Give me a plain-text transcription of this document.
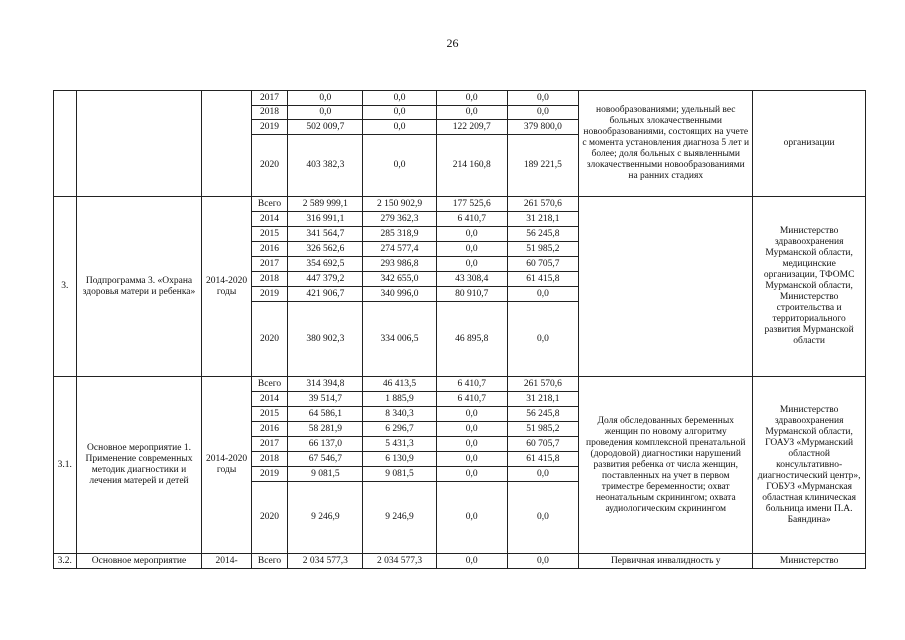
26
			2017	0,0	0,0	0,0	0,0	новообразованиями; удельный вес больных злокачественными новообразованиями, состоящих на учете с момента установления диагноза 5 лет и более; доля больных с выявленными злокачественными новообразованиями на ранних стадиях	организации
			2018	0,0	0,0	0,0	0,0		
			2019	502 009,7	0,0	122 209,7	379 800,0		
			2020	403 382,3	0,0	214 160,8	189 221,5		
3.	Подпрограмма 3. «Охрана здоровья матери и ребенка»	2014-2020 годы	Всего	2 589 999,1	2 150 902,9	177 525,6	261 570,6		Министерство здравоохранения Мурманской области, медицинские организации, ТФОМС Мурманской области, Министерство строительства и территориального развития Мурманской области
			2014	316 991,1	279 362,3	6 410,7	31 218,1		
			2015	341 564,7	285 318,9	0,0	56 245,8		
			2016	326 562,6	274 577,4	0,0	51 985,2		
			2017	354 692,5	293 986,8	0,0	60 705,7		
			2018	447 379,2	342 655,0	43 308,4	61 415,8		
			2019	421 906,7	340 996,0	80 910,7	0,0		
			2020	380 902,3	334 006,5	46 895,8	0,0		
3.1.	Основное мероприятие 1. Применение современных методик диагностики и лечения матерей и детей	2014-2020 годы	Всего	314 394,8	46 413,5	6 410,7	261 570,6	Доля обследованных беременных женщин по новому алгоритму проведения комплексной пренатальной (дородовой) диагностики нарушений развития ребенка от числа женщин, поставленных на учет в первом триместре беременности; охват неонатальным скринингом; охвата аудиологическим скринингом	Министерство здравоохранения Мурманской области, ГОАУЗ «Мурманский областной консультативно-диагностический центр», ГОБУЗ «Мурманская областная клиническая больница имени П.А. Баяндина»
			2014	39 514,7	1 885,9	6 410,7	31 218,1		
			2015	64 586,1	8 340,3	0,0	56 245,8		
			2016	58 281,9	6 296,7	0,0	51 985,2		
			2017	66 137,0	5 431,3	0,0	60 705,7		
			2018	67 546,7	6 130,9	0,0	61 415,8		
			2019	9 081,5	9 081,5	0,0	0,0		
			2020	9 246,9	9 246,9	0,0	0,0		
3.2.	Основное мероприятие	2014-	Всего	2 034 577,3	2 034 577,3	0,0	0,0	Первичная инвалидность у	Министерство
